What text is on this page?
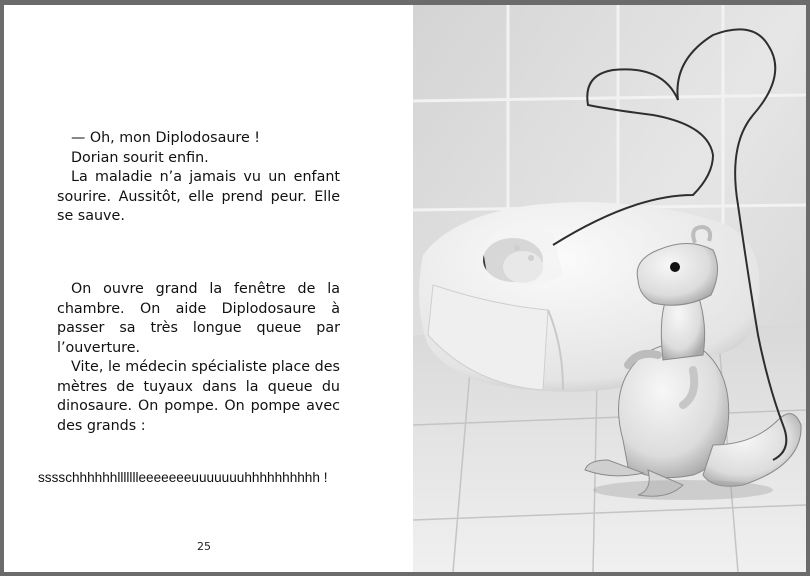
— Oh, mon Diplodosaure !

Dorian sourit enfin.

La maladie n’a jamais vu un enfant sourire. Aussitôt, elle prend peur. Elle se sauve.

On ouvre grand la fenêtre de la chambre. On aide Diplodosaure à passer sa très longue queue par l’ouverture.

Vite, le médecin spécialiste place des mètres de tuyaux dans la queue du dinosaure. On pompe. On pompe avec des grands :

sssschhhhhhllllllleeeeeeeuuuuuuuhhhhhhhhhh !
25
